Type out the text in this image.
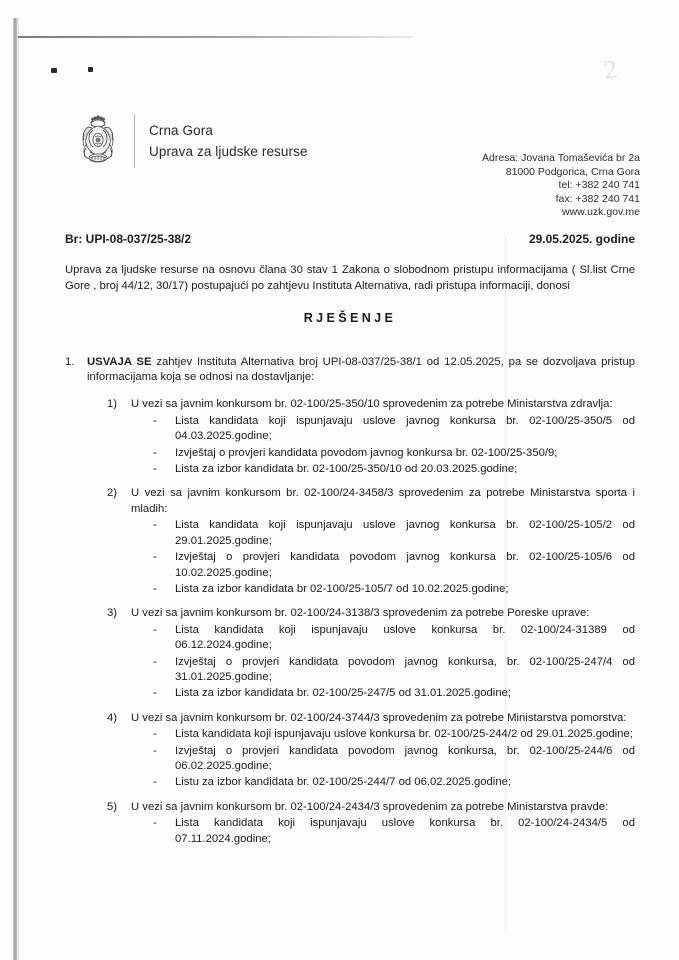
2
Crna Gora
Uprava za ljudske resurse	Adresa: Jovana Tomaševića br 2a
81000 Podgorica, Crna Gora
tel: +382 240 741
fax: +382 240 741
www.uzk.gov.me
Br: UPI-08-037/25-38/2	29.05.2025. godine
Uprava za ljudske resurse na osnovu člana 30 stav 1 Zakona o slobodnom pristupu informacijama ( Sl.list Crne Gore , broj 44/12, 30/17) postupajući po zahtjevu Instituta Alternativa, radi pristupa informaciji, donosi
RJEŠENJE
1.	USVAJA SE zahtjev Instituta Alternativa broj UPI-08-037/25-38/1 od 12.05.2025, pa se dozvoljava pristup informacijama koja se odnosi na dostavljanje:
1)	U vezi sa javnim konkursom br. 02-100/25-350/10 sprovedenim za potrebe Ministarstva zdravlja:
-	Lista kandidata koji ispunjavaju uslove javnog konkursa br. 02-100/25-350/5 od 04.03.2025.godine;
-	Izvještaj o provjeri kandidata povodom javnog konkursa br. 02-100/25-350/9;
-	Lista za izbor kandidata br. 02-100/25-350/10 od 20.03.2025.godine;
2)	U vezi sa javnim konkursom br. 02-100/24-3458/3 sprovedenim za potrebe Ministarstva sporta i mladih:
-	Lista kandidata koji ispunjavaju uslove javnog konkursa br. 02-100/25-105/2 od 29.01.2025.godine;
-	Izvještaj o provjeri kandidata povodom javnog konkursa br. 02-100/25-105/6 od 10.02.2025.godine;
-	Lista za izbor kandidata br 02-100/25-105/7 od 10.02.2025.godine;
3)	U vezi sa javnim konkursom br. 02-100/24-3138/3 sprovedenim za potrebe Poreske uprave:
-	Lista kandidata koji ispunjavaju uslove konkursa br. 02-100/24-31389 od 06.12.2024.godine;
-	Izvještaj o provjeri kandidata povodom javnog konkursa, br. 02-100/25-247/4 od 31.01.2025.godine;
-	Lista za izbor kandidata br. 02-100/25-247/5 od 31.01.2025.godine;
4)	U vezi sa javnim konkursom br. 02-100/24-3744/3 sprovedenim za potrebe Ministarstva pomorstva:
-	Lista kandidata koji ispunjavaju uslove konkursa br. 02-100/25-244/2 od 29.01.2025.godine;
-	Izvještaj o provjeri kandidata povodom javnog konkursa, br. 02-100/25-244/6 od 06.02.2025.godine;
-	Listu za izbor kandidata br. 02-100/25-244/7 od 06.02.2025.godine;
5)	U vezi sa javnim konkursom br. 02-100/24-2434/3 sprovedenim za potrebe Ministarstva pravde:
-	Lista kandidata koji ispunjavaju uslove konkursa br. 02-100/24-2434/5 od 07.11.2024.godine;
